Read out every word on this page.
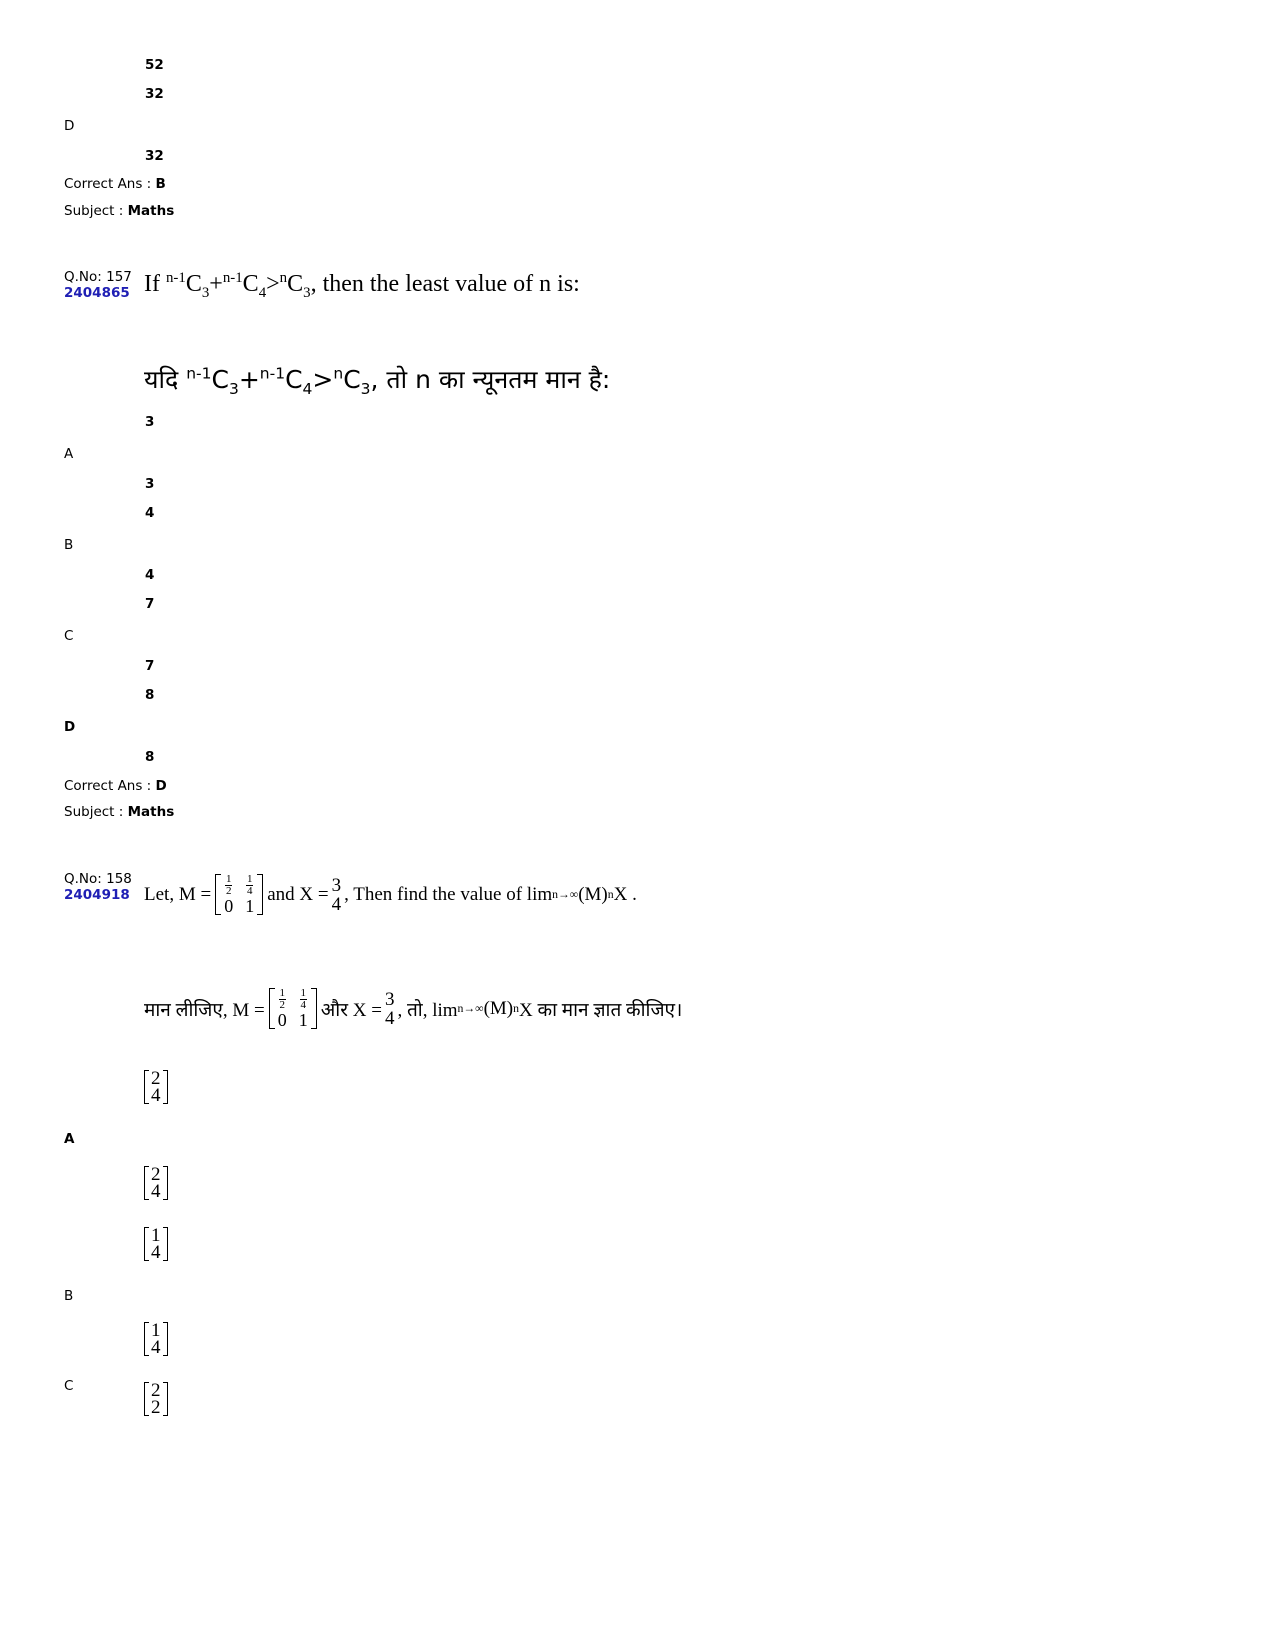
52
32
D
32
Correct Ans : B
Subject : Maths
Q.No: 157
2404865 If $^{n-1}C_3+^{n-1}C_4>^nC_3$, then the least value of n is:
यदि $^{n-1}C_3+^{n-1}C_4>^nC_3$, तो n का न्यूनतम मान है:
3
A
3
4
B
4
7
C
7
8
D
8
Correct Ans : D
Subject : Maths
Q.No: 158
2404918 Let, $M = \frac{1}{2}$
0
$\frac{1}{4}$
1
and X = 3
4 , Then find the value of lim n→∞ (M) n X .
मान लीजिए, $M = \frac{1}{2}$
0
$\frac{1}{4}$
1 और X =
3
4 , तो, lim n→∞ (M) n X का मान ज्ञात कीजिए।
2
4
A
2
4
1
4
B
1
4
C	2
2
